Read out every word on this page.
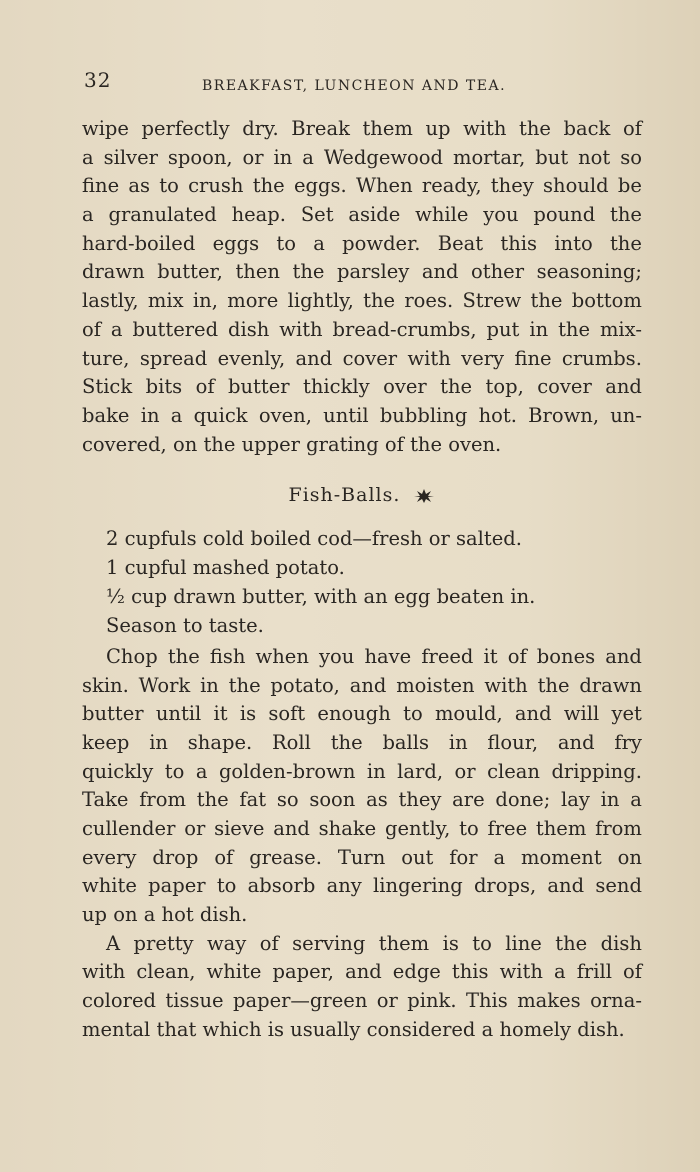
32	BREAKFAST, LUNCHEON AND TEA.
wipe perfectly dry. Break them up with the back of
a silver spoon, or in a Wedgewood mortar, but not so
fine as to crush the eggs. When ready, they should be
a granulated heap. Set aside while you pound the
hard-boiled eggs to a powder. Beat this into the
drawn butter, then the parsley and other seasoning;
lastly, mix in, more lightly, the roes. Strew the bottom
of a buttered dish with bread-crumbs, put in the mix-
ture, spread evenly, and cover with very fine crumbs.
Stick bits of butter thickly over the top, cover and
bake in a quick oven, until bubbling hot. Brown, un-
covered, on the upper grating of the oven.
Fish-Balls.
2 cupfuls cold boiled cod—fresh or salted.
1 cupful mashed potato.
½ cup drawn butter, with an egg beaten in.
Season to taste.
Chop the fish when you have freed it of bones and
skin. Work in the potato, and moisten with the drawn
butter until it is soft enough to mould, and will yet
keep in shape. Roll the balls in flour, and fry
quickly to a golden-brown in lard, or clean dripping.
Take from the fat so soon as they are done; lay in a
cullender or sieve and shake gently, to free them from
every drop of grease. Turn out for a moment on
white paper to absorb any lingering drops, and send
up on a hot dish.
A pretty way of serving them is to line the dish
with clean, white paper, and edge this with a frill of
colored tissue paper—green or pink. This makes orna-
mental that which is usually considered a homely dish.
